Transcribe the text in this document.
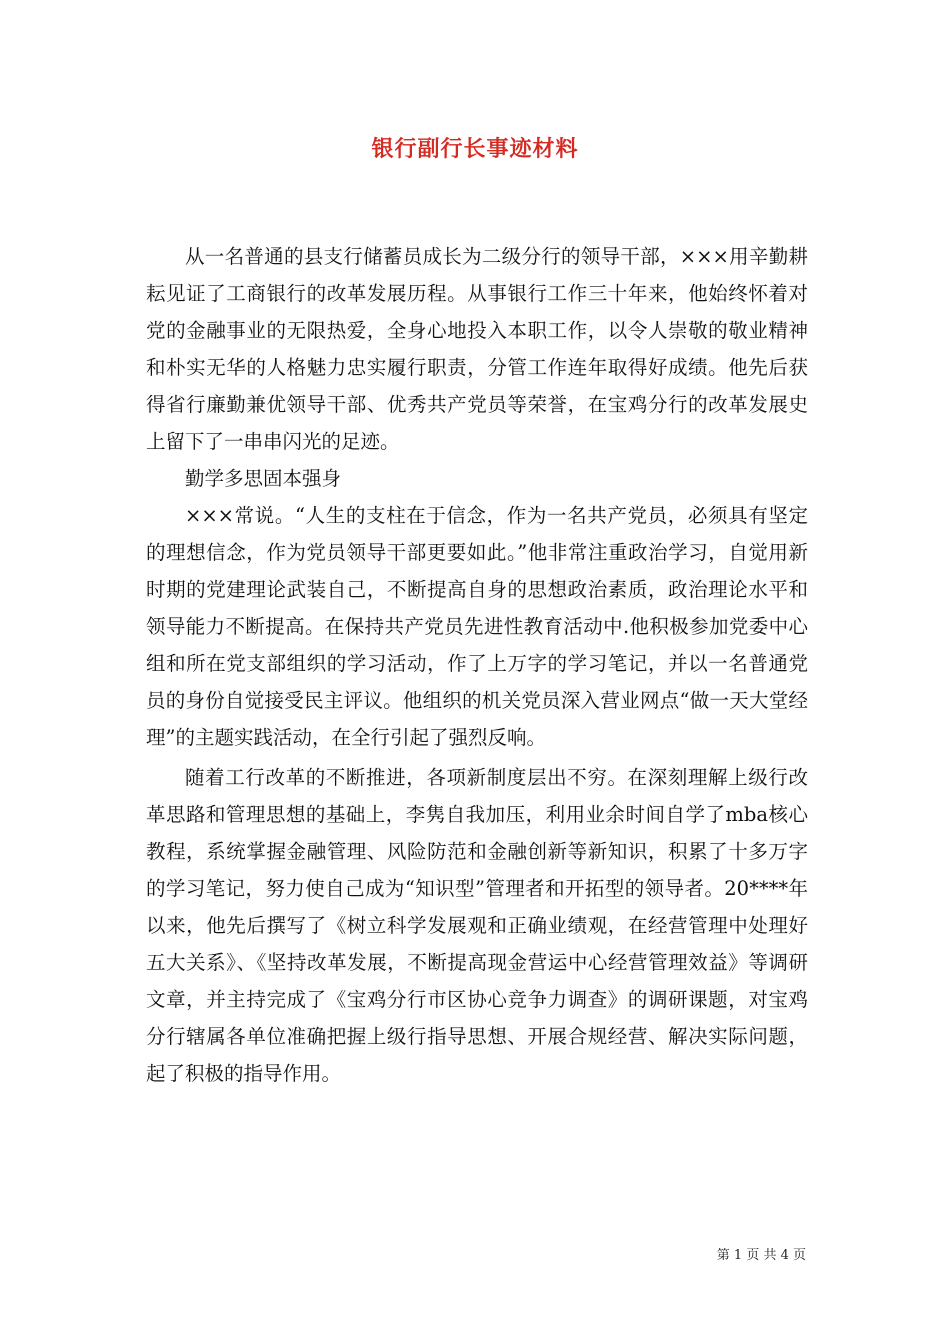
银行副行长事迹材料

从一名普通的县支行储蓄员成长为二级分行的领导干部，×××用辛勤耕耘见证了工商银行的改革发展历程。从事银行工作三十年来，他始终怀着对党的金融事业的无限热爱，全身心地投入本职工作，以令人崇敬的敬业精神和朴实无华的人格魅力忠实履行职责，分管工作连年取得好成绩。他先后获得省行廉勤兼优领导干部、优秀共产党员等荣誉，在宝鸡分行的改革发展史上留下了一串串闪光的足迹。

勤学多思固本强身

×××常说。“人生的支柱在于信念，作为一名共产党员，必须具有坚定的理想信念，作为党员领导干部更要如此。”他非常注重政治学习，自觉用新时期的党建理论武装自己，不断提高自身的思想政治素质，政治理论水平和领导能力不断提高。在保持共产党员先进性教育活动中.他积极参加党委中心组和所在党支部组织的学习活动，作了上万字的学习笔记，并以一名普通党员的身份自觉接受民主评议。他组织的机关党员深入营业网点“做一天大堂经理”的主题实践活动，在全行引起了强烈反响。

随着工行改革的不断推进，各项新制度层出不穷。在深刻理解上级行改革思路和管理思想的基础上，李隽自我加压，利用业余时间自学了mba核心教程，系统掌握金融管理、风险防范和金融创新等新知识，积累了十多万字的学习笔记，努力使自己成为“知识型”管理者和开拓型的领导者。20****年以来，他先后撰写了《树立科学发展观和正确业绩观，在经营管理中处理好五大关系》、《坚持改革发展，不断提高现金营运中心经营管理效益》等调研文章，并主持完成了《宝鸡分行市区协心竞争力调查》的调研课题，对宝鸡分行辖属各单位准确把握上级行指导思想、开展合规经营、解决实际问题，起了积极的指导作用。

第 1 页 共 4 页
